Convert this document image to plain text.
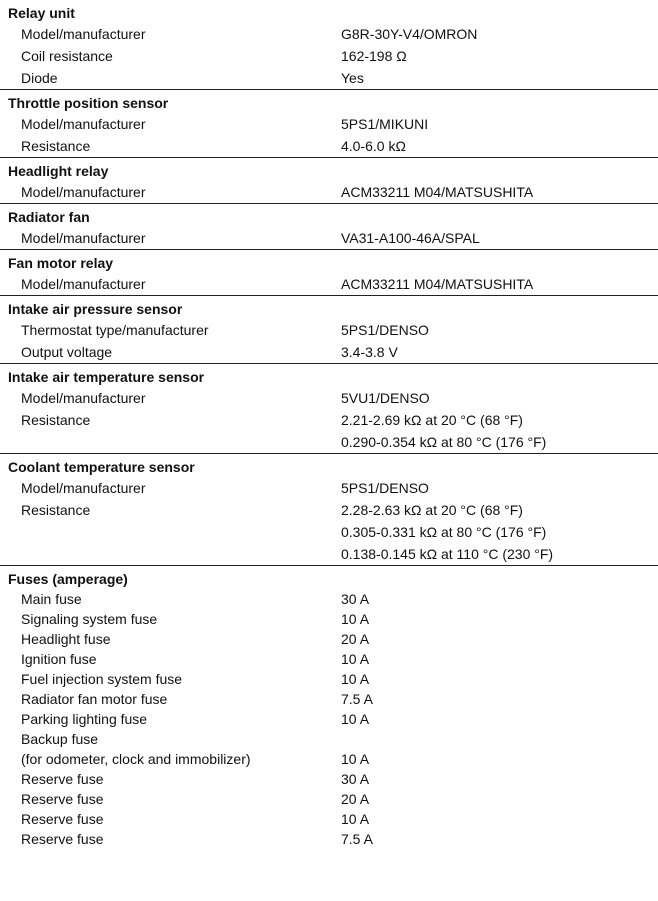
Relay unit
Model/manufacturer	G8R-30Y-V4/OMRON
Coil resistance	162-198 Ω
Diode	Yes
Throttle position sensor
Model/manufacturer	5PS1/MIKUNI
Resistance	4.0-6.0 kΩ
Headlight relay
Model/manufacturer	ACM33211 M04/MATSUSHITA
Radiator fan
Model/manufacturer	VA31-A100-46A/SPAL
Fan motor relay
Model/manufacturer	ACM33211 M04/MATSUSHITA
Intake air pressure sensor
Thermostat type/manufacturer	5PS1/DENSO
Output voltage	3.4-3.8 V
Intake air temperature sensor
Model/manufacturer	5VU1/DENSO
Resistance	2.21-2.69 kΩ at 20 °C (68 °F)
0.290-0.354 kΩ at 80 °C (176 °F)
Coolant temperature sensor
Model/manufacturer	5PS1/DENSO
Resistance	2.28-2.63 kΩ at 20 °C (68 °F)
0.305-0.331 kΩ at 80 °C (176 °F)
0.138-0.145 kΩ at 110 °C (230 °F)
Fuses (amperage)
Main fuse	30 A
Signaling system fuse	10 A
Headlight fuse	20 A
Ignition fuse	10 A
Fuel injection system fuse	10 A
Radiator fan motor fuse	7.5 A
Parking lighting fuse	10 A
Backup fuse
(for odometer, clock and immobilizer)	10 A
Reserve fuse	30 A
Reserve fuse	20 A
Reserve fuse	10 A
Reserve fuse	7.5 A
